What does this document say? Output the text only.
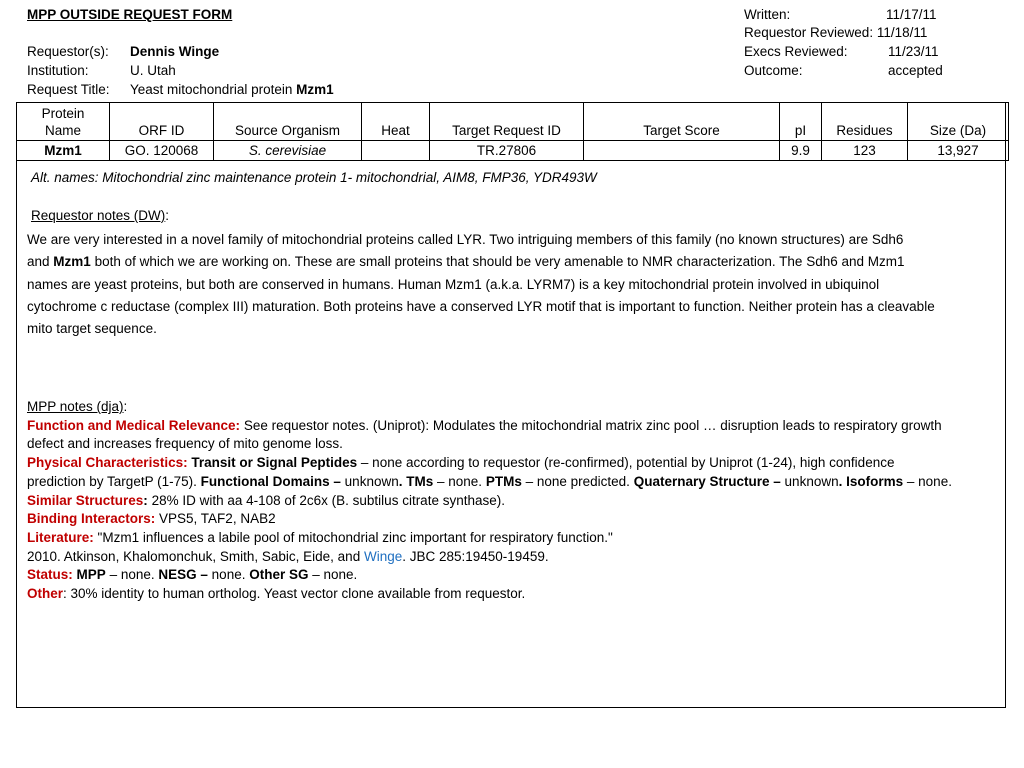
MPP OUTSIDE REQUEST FORM
Requestor(s): Dennis Winge
Institution:	U. Utah
Request Title: Yeast mitochondrial protein Mzm1
Written:	11/17/11
Requestor Reviewed: 11/18/11
Execs Reviewed:	11/23/11
Outcome:	accepted
Protein
Name	ORF ID	Source Organism	Heat	Target Request ID	Target Score	pI	Residues	Size (Da)
Mzm1	GO. 120068	S. cerevisiae		TR.27806		9.9	123	13,927
Alt. names: Mitochondrial zinc maintenance protein 1- mitochondrial, AIM8, FMP36, YDR493W
Requestor notes (DW):
We are very interested in a novel family of mitochondrial proteins called LYR. Two intriguing members of this family (no known structures) are Sdh6
and Mzm1 both of which we are working on. These are small proteins that should be very amenable to NMR characterization. The Sdh6 and Mzm1
names are yeast proteins, but both are conserved in humans. Human Mzm1 (a.k.a. LYRM7) is a key mitochondrial protein involved in ubiquinol
cytochrome c reductase (complex III) maturation. Both proteins have a conserved LYR motif that is important to function. Neither protein has a cleavable
mito target sequence.
MPP notes (dja):
Function and Medical Relevance: See requestor notes. (Uniprot): Modulates the mitochondrial matrix zinc pool … disruption leads to respiratory growth
defect and increases frequency of mito genome loss.
Physical Characteristics: Transit or Signal Peptides – none according to requestor (re-confirmed), potential by Uniprot (1-24), high confidence
prediction by TargetP (1-75). Functional Domains – unknown. TMs – none. PTMs – none predicted. Quaternary Structure – unknown. Isoforms – none.
Similar Structures: 28% ID with aa 4-108 of 2c6x (B. subtilus citrate synthase).
Binding Interactors: VPS5, TAF2, NAB2
Literature: "Mzm1 influences a labile pool of mitochondrial zinc important for respiratory function."
2010. Atkinson, Khalomonchuk, Smith, Sabic, Eide, and Winge. JBC 285:19450-19459.
Status: MPP – none. NESG – none. Other SG – none.
Other: 30% identity to human ortholog. Yeast vector clone available from requestor.
